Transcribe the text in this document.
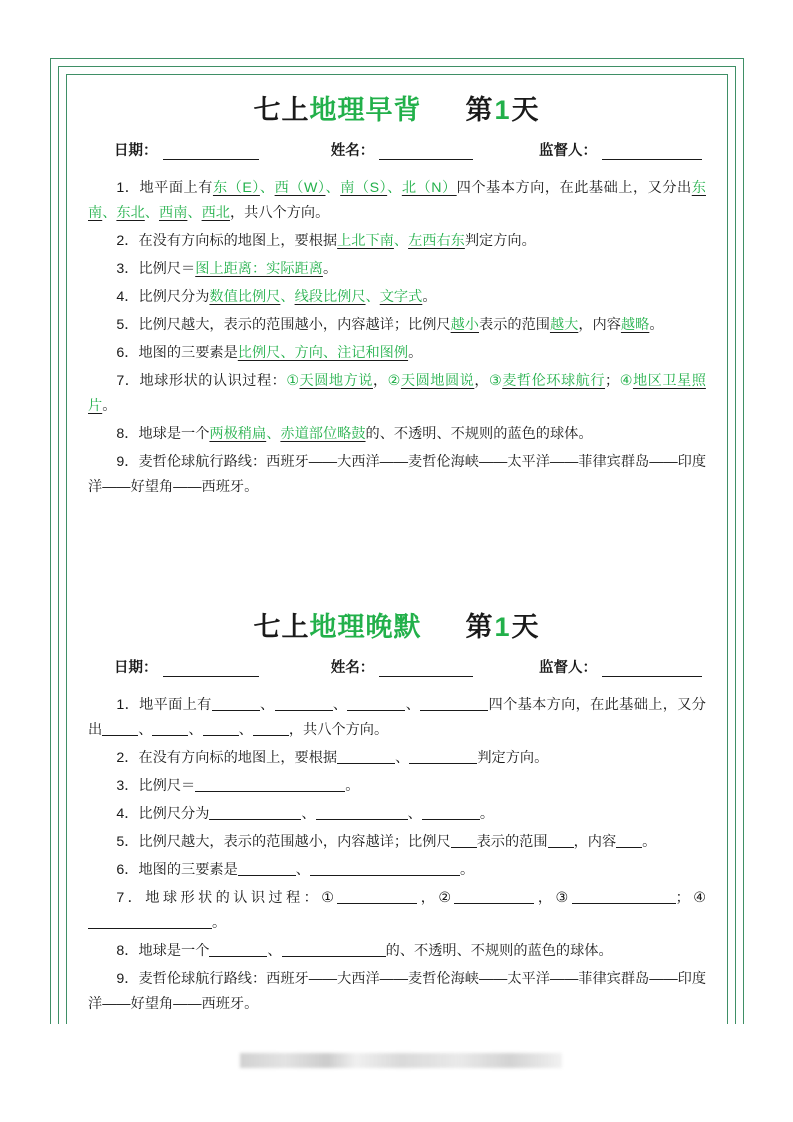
七上地理早背 第1天
日期：	姓名：	监督人：

1．地平面上有东（E）、西（W）、南（S）、北（N）四个基本方向，在此基础上，又分出东南、东北、西南、西北，共八个方向。

2．在没有方向标的地图上，要根据上北下南、左西右东判定方向。

3．比例尺＝图上距离：实际距离。

4．比例尺分为数值比例尺、线段比例尺、文字式。

5．比例尺越大，表示的范围越小，内容越详；比例尺越小表示的范围越大，内容越略。

6．地图的三要素是比例尺、方向、注记和图例。

7．地球形状的认识过程：①天圆地方说，②天圆地圆说，③麦哲伦环球航行；④地区卫星照片。

8．地球是一个两极稍扁、赤道部位略鼓的、不透明、不规则的蓝色的球体。

9．麦哲伦球航行路线：西班牙——大西洋——麦哲伦海峡——太平洋——菲律宾群岛——印度洋——好望角——西班牙。

七上地理晚默 第1天
日期：	姓名：	监督人：

1．地平面上有	、	、	、	四个基本方向，在此基础上，又分出	、	、	、	，共八个方向。

2．在没有方向标的地图上，要根据	、	判定方向。

3．比例尺＝	。

4．比例尺分为	、	、	。

5．比例尺越大，表示的范围越小，内容越详；比例尺 表示的范围 ，内容 。

6．地图的三要素是	、	。

7．地球形状的认识过程：①	，②	，③	；④。

8．地球是一个	、	的、不透明、不规则的蓝色的球体。

9．麦哲伦球航行路线：西班牙——大西洋——麦哲伦海峡——太平洋——菲律宾群岛——印度洋——好望角——西班牙。
